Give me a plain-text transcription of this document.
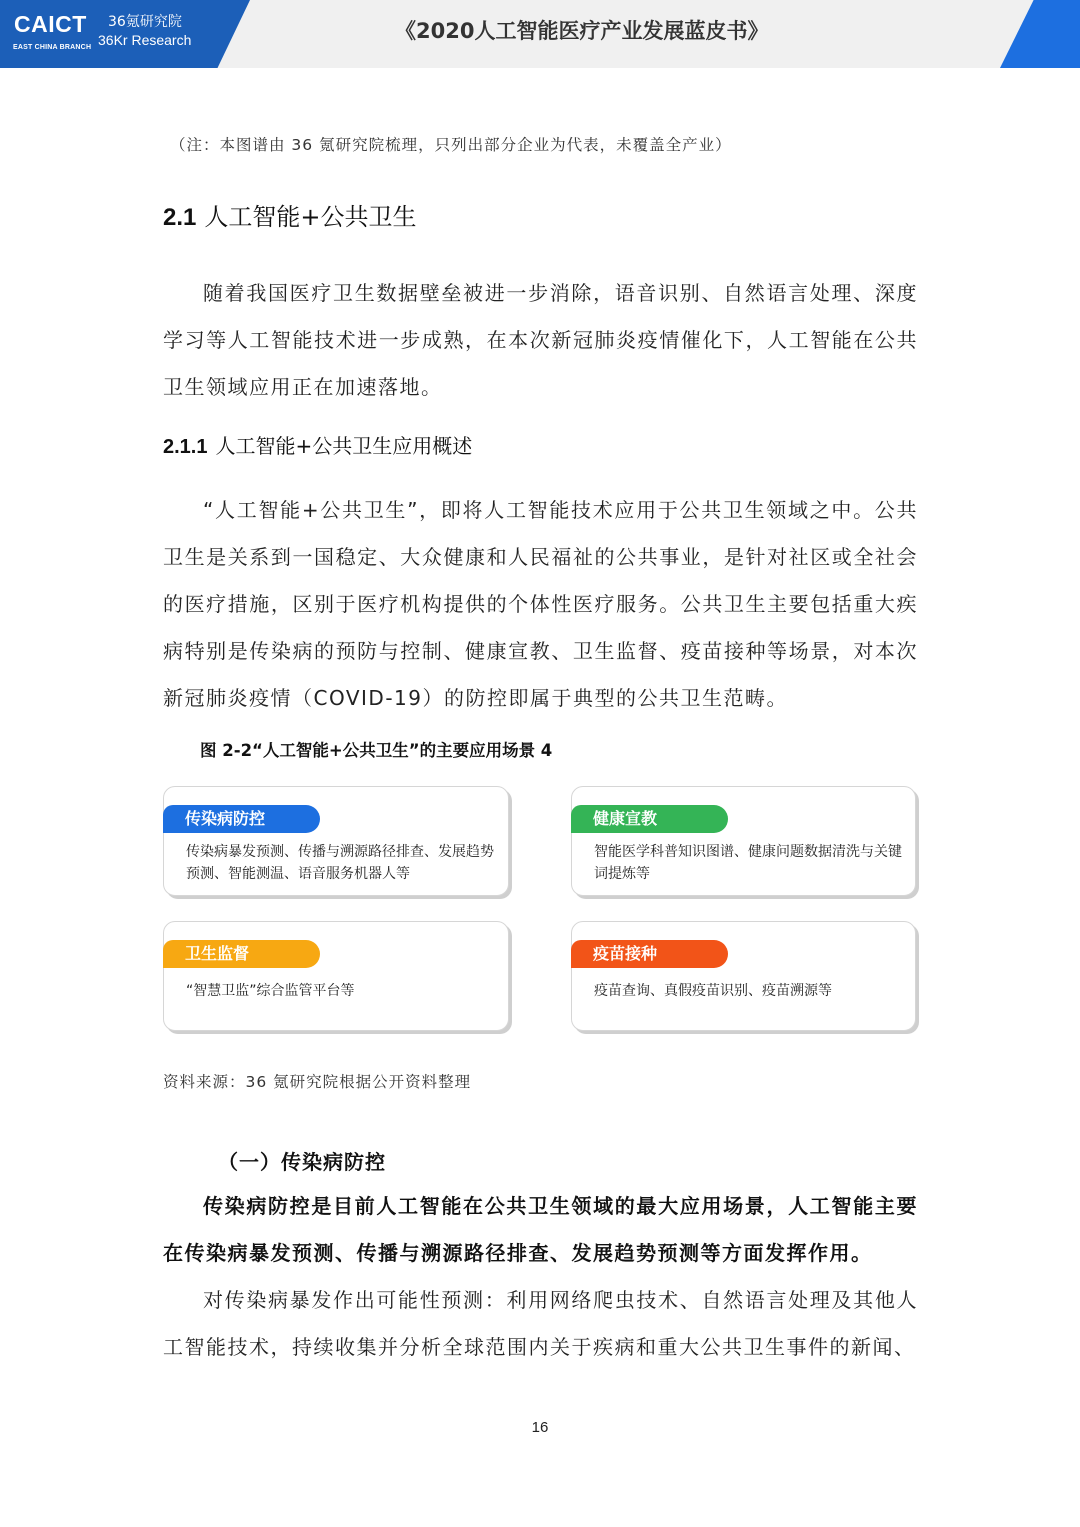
CAICT
EAST CHINA BRANCH
36氪研究院
36Kr Research	《2020人工智能医疗产业发展蓝皮书》
（注：本图谱由 36 氪研究院梳理，只列出部分企业为代表，未覆盖全产业）
2.1 人工智能+公共卫生
随着我国医疗卫生数据壁垒被进一步消除，语音识别、自然语言处理、深度学习等人工智能技术进一步成熟，在本次新冠肺炎疫情催化下，人工智能在公共卫生领域应用正在加速落地。
2.1.1 人工智能+公共卫生应用概述
“人工智能+公共卫生”，即将人工智能技术应用于公共卫生领域之中。公共卫生是关系到一国稳定、大众健康和人民福祉的公共事业，是针对社区或全社会的医疗措施，区别于医疗机构提供的个体性医疗服务。公共卫生主要包括重大疾病特别是传染病的预防与控制、健康宣教、卫生监督、疫苗接种等场景，对本次新冠肺炎疫情（COVID-19）的防控即属于典型的公共卫生范畴。
图 2-2“人工智能+公共卫生”的主要应用场景 4
传染病防控
传染病暴发预测、传播与溯源路径排查、发展趋势预测、智能测温、语音服务机器人等
健康宣教
智能医学科普知识图谱、健康问题数据清洗与关键词提炼等
卫生监督
“智慧卫监”综合监管平台等
疫苗接种
疫苗查询、真假疫苗识别、疫苗溯源等
资料来源：36 氪研究院根据公开资料整理
（一）传染病防控
传染病防控是目前人工智能在公共卫生领域的最大应用场景，人工智能主要在传染病暴发预测、传播与溯源路径排查、发展趋势预测等方面发挥作用。
对传染病暴发作出可能性预测：利用网络爬虫技术、自然语言处理及其他人工智能技术，持续收集并分析全球范围内关于疾病和重大公共卫生事件的新闻、
16
